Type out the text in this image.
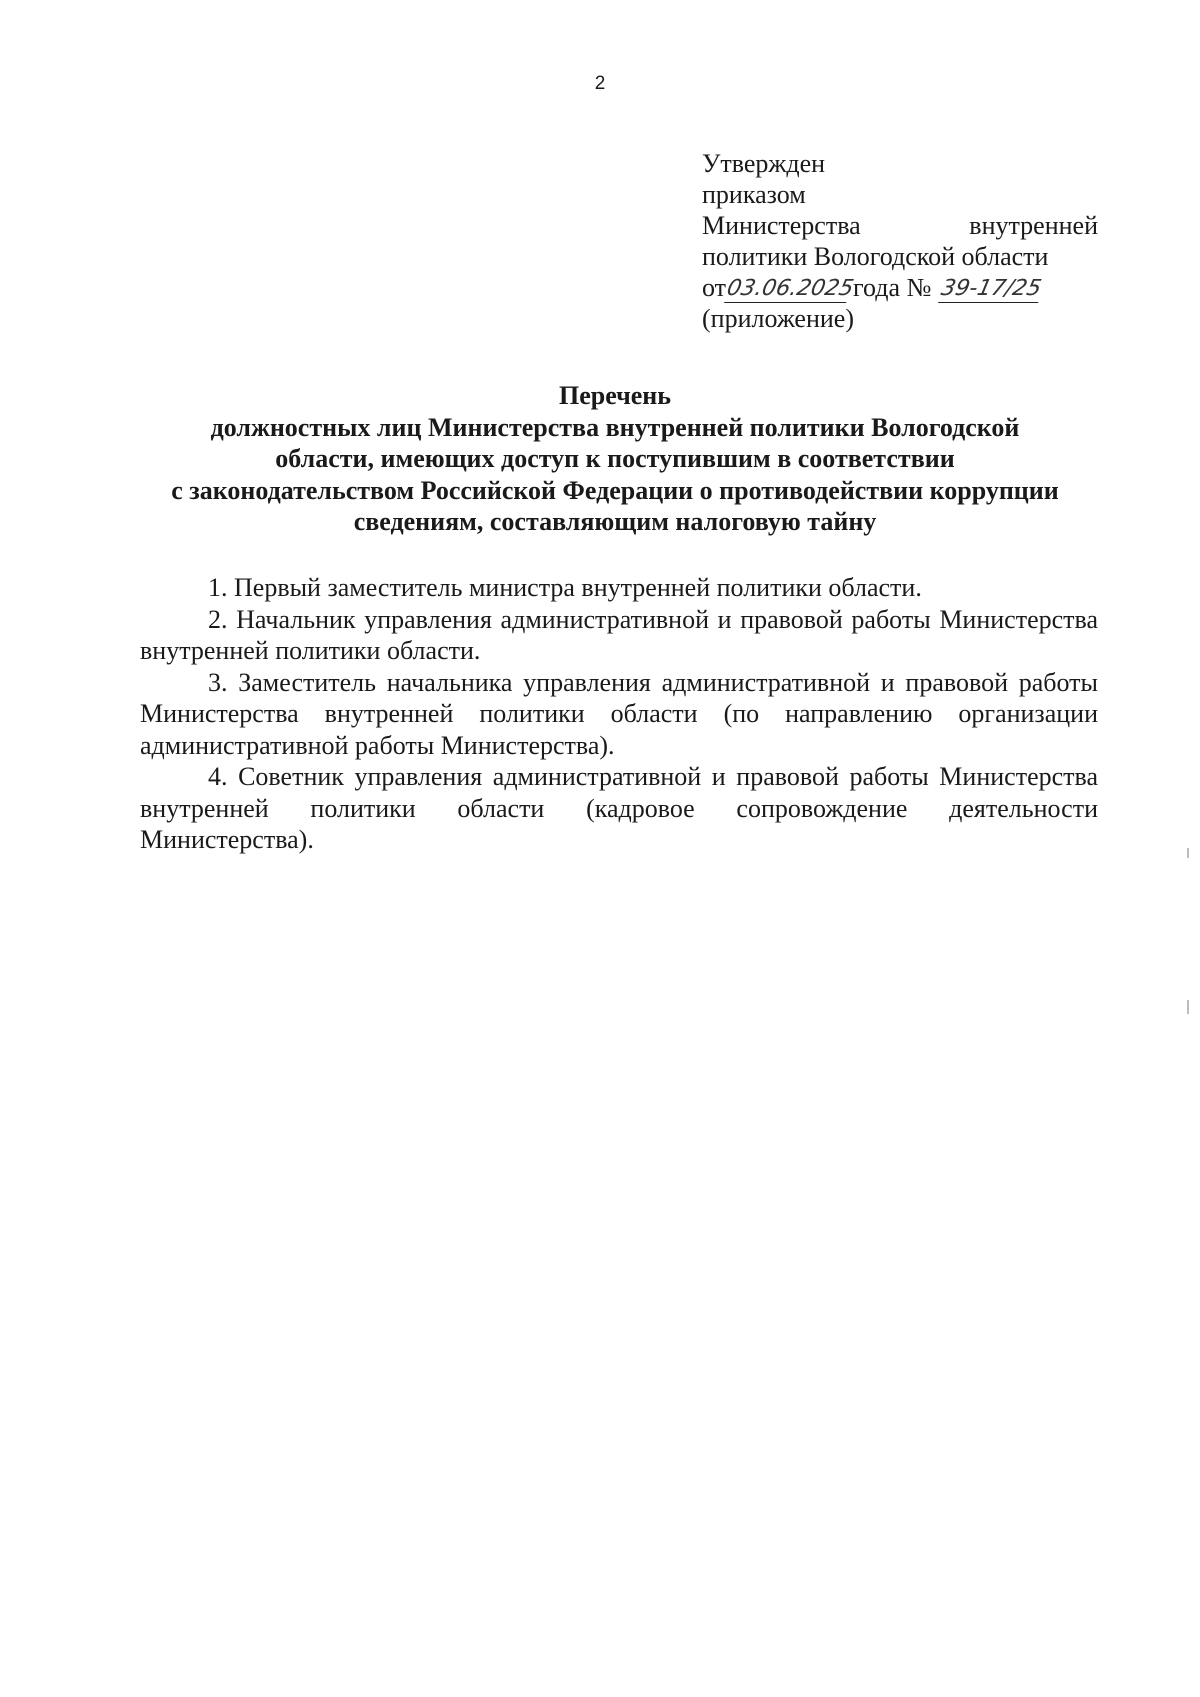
2
Утвержден
приказом
Министерства	внутренней
политики Вологодской области
от
03.06.2025
года № 39-17/25
(приложение)
Перечень
должностных лиц Министерства внутренней политики Вологодской
области, имеющих доступ к поступившим в соответствии
с законодательством Российской Федерации о противодействии коррупции
сведениям, составляющим налоговую тайну

1. Первый заместитель министра внутренней политики области.

2. Начальник управления административной и правовой работы Министерства внутренней политики области.

3. Заместитель начальника управления административной и правовой работы Министерства внутренней политики области (по направлению организации административной работы Министерства).

4. Советник управления административной и правовой работы Министерства внутренней политики области (кадровое сопровождение деятельности Министерства).
